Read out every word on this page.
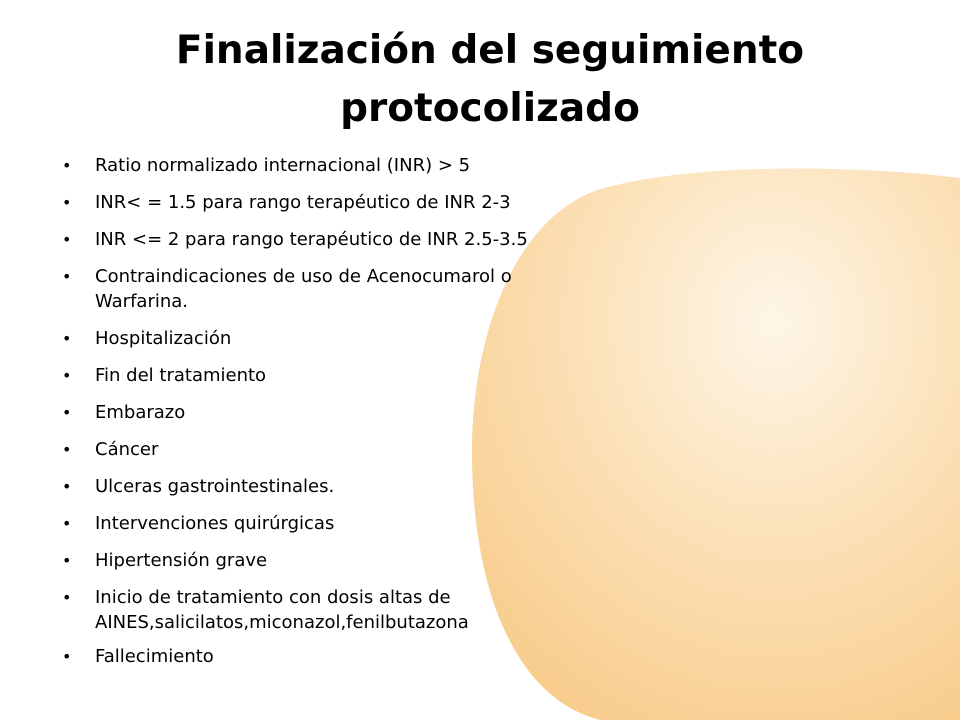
Finalización del seguimiento
protocolizado
• Ratio normalizado internacional (INR) > 5
• INR< = 1.5 para rango terapéutico de INR 2-3
• INR <= 2 para rango terapéutico de INR 2.5-3.5
• Contraindicaciones de uso de Acenocumarol o Warfarina.
• Hospitalización
• Fin del tratamiento
• Embarazo
• Cáncer
• Ulceras gastrointestinales.
• Intervenciones quirúrgicas
• Hipertensión grave
• Inicio de tratamiento con dosis altas de AINES,salicilatos,miconazol,fenilbutazona
• Fallecimiento
